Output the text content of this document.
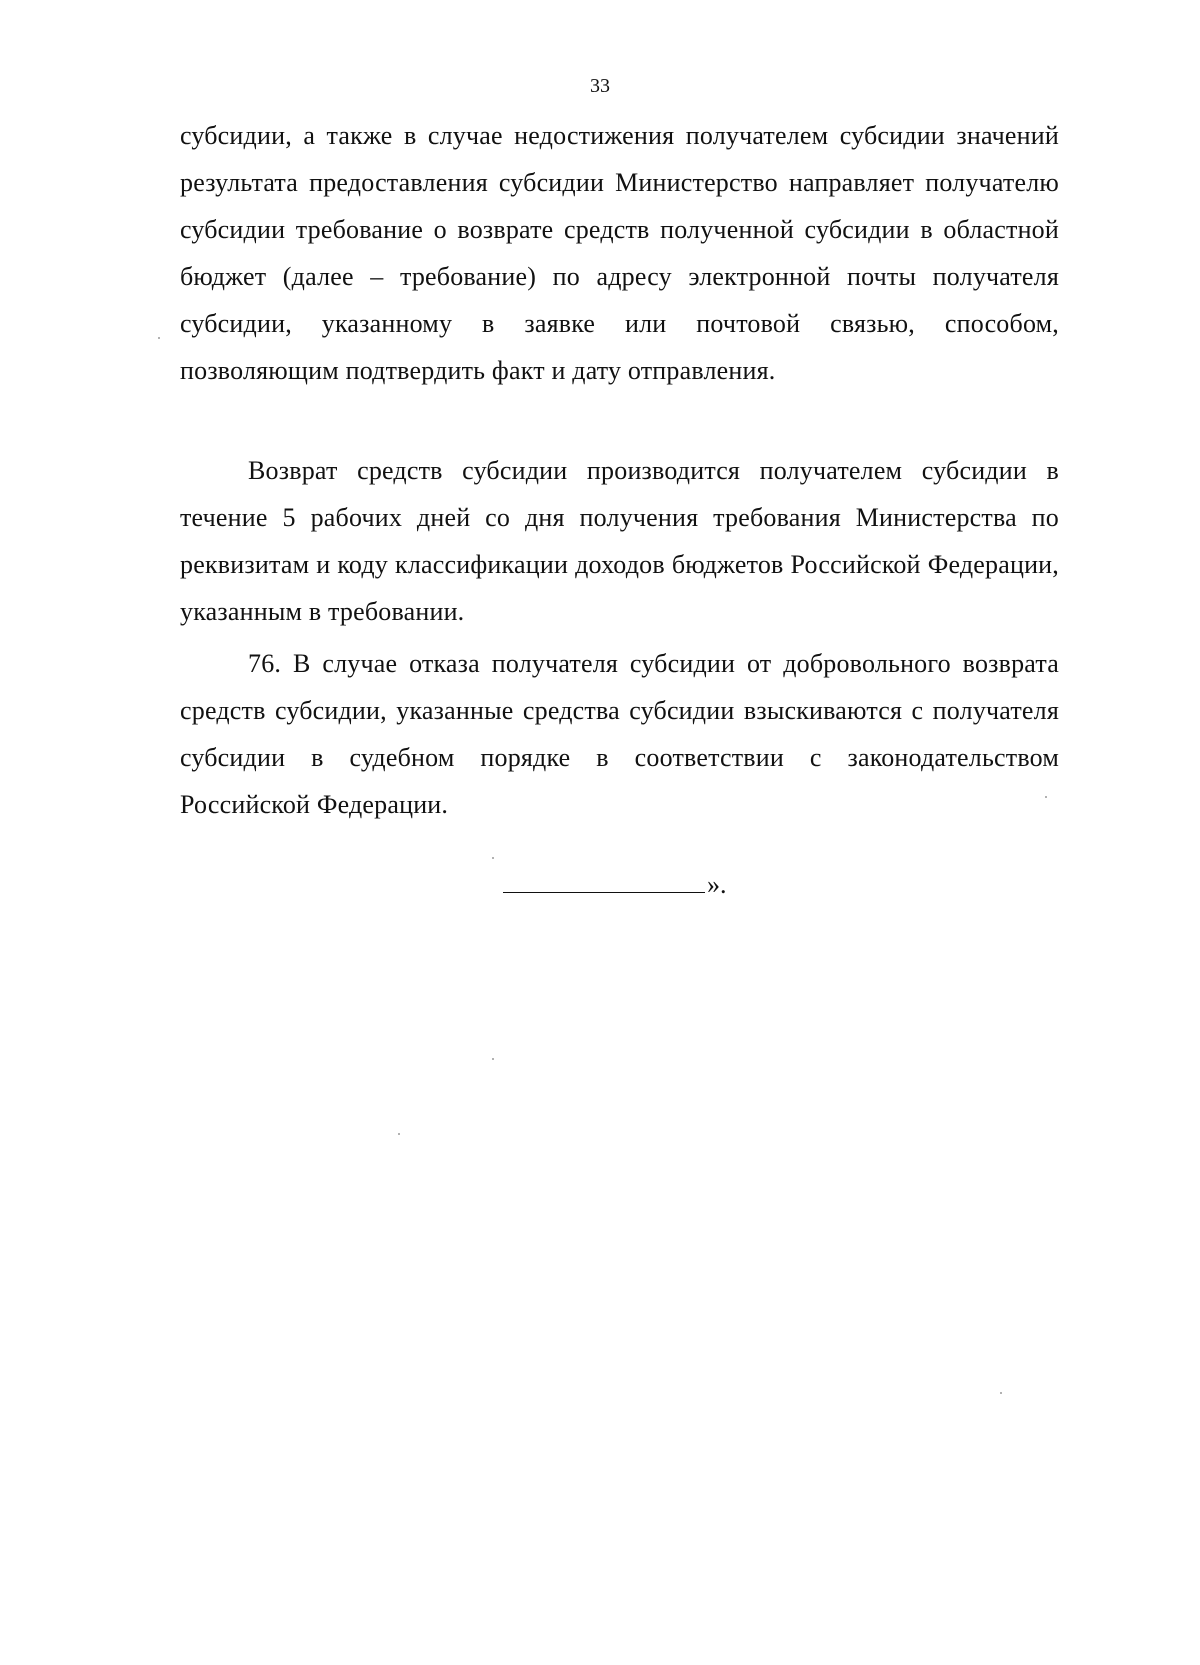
33

субсидии, а также в случае недостижения получателем субсидии значений результата предоставления субсидии Министерство направляет получателю субсидии требование о возврате средств полученной субсидии в областной бюджет (далее – требование) по адресу электронной почты получателя субсидии, указанному в заявке или почтовой связью, способом, позволяющим подтвердить факт и дату отправления.

Возврат средств субсидии производится получателем субсидии в течение 5 рабочих дней со дня получения требования Министерства по реквизитам и коду классификации доходов бюджетов Российской Федерации, указанным в требовании.

76. В случае отказа получателя субсидии от добровольного возврата средств субсидии, указанные средства субсидии взыскиваются с получателя субсидии в судебном порядке в соответствии с законодательством Российской Федерации.

».
